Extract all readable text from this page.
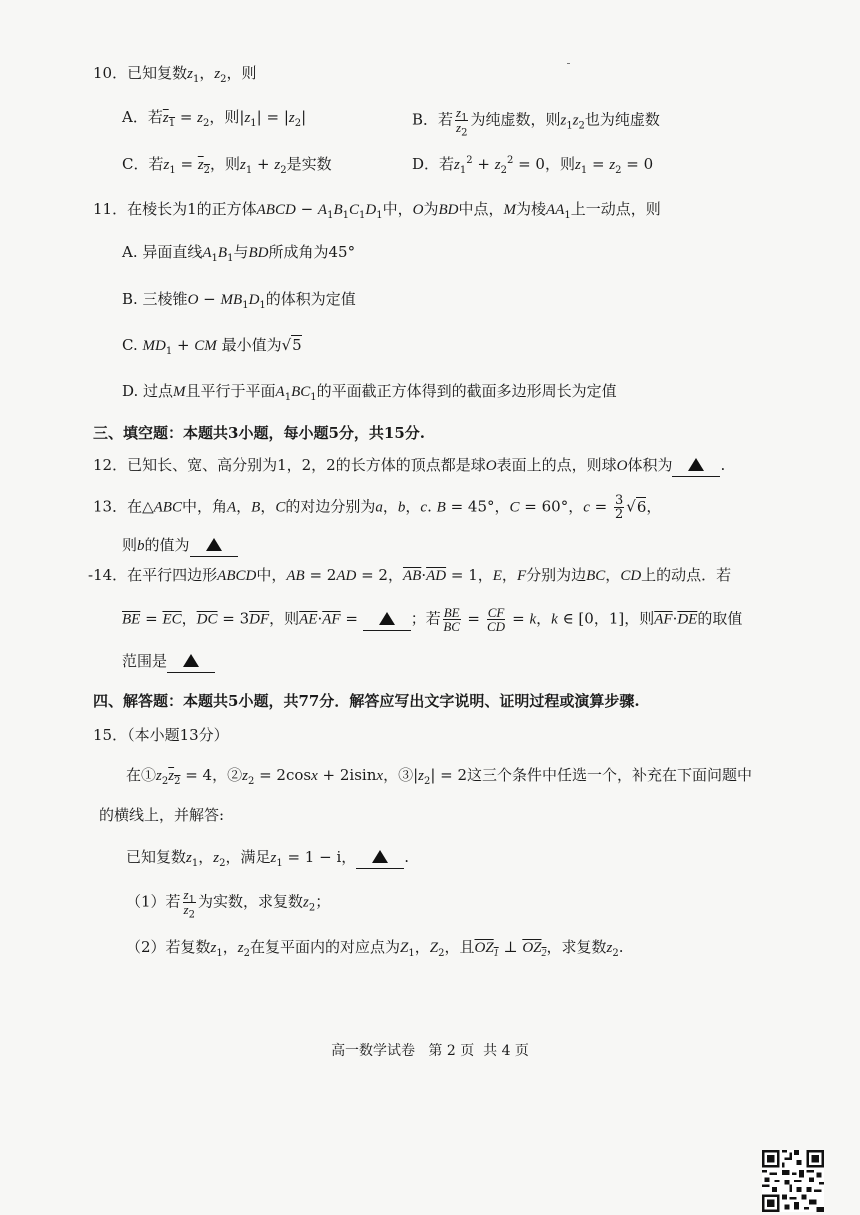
10．已知复数$z_1$，$z_2$，则
A．若$z_1 = z_2$，则$|z_1| = |z_2|$	B．若 $\frac{z_1}{z_2}$ 为纯虚数，则$z_1z_2$也为纯虚数
C．若$z_1 = z_2$，则$z_1 + z_2$是实数	D．若$z_1^2 + z_2^2 = 0$，则$z_1 = z_2 = 0$
11．在棱长为1的正方体ABCD − $A_1B_1C_1D_1$中，O为BD中点，M为棱$AA_1$上一动点，则
A. 异面直线$A_1B_1$与BD所成角为45°
B. 三棱锥$O - MB_1D_1$的体积为定值
C. $MD_1$ + CM 最小值为√5
D. 过点M且平行于平面$A_1BC_1$的平面截正方体得到的截面多边形周长为定值
三、填空题：本题共3小题，每小题5分，共15分.
12．已知长、宽、高分别为1，2，2的长方体的顶点都是球O表面上的点，则球O体积为	.
13．在△ABC中，角A，B，C的对边分别为a，b，c. B = 45°，C = 60°，$c = \frac{3}{2} √6$，
则b的值为
-14．在平行四边形ABCD中，AB = 2AD = 2，$\overline{AB}\cdot\overline{AD} = 1$，E，F分别为边BC，CD上的动点．若
$\overline{BE} = \overline{EC}$，$\overline{DC} = 3\overline{DF}$，则$\overline{AE}\cdot\overline{AF}$ =	；若 $\frac{BE}{BC} = \frac{CF}{CD} = k$，k ∈ [0，1]，则$\overline{AF}\cdot\overline{DE}$的取值
范围是
四、解答题：本题共5小题，共77分．解答应写出文字说明、证明过程或演算步骤.
15．（本小题13分）
在$①z_2z_2 = 4$，$②z_2 = 2\cos x + 2isinx$，$③|z_2| = 2$这三个条件中任选一个，补充在下面问题中
的横线上，并解答:
已知复数$z_1$，$z_2$，满足$z_1 = 1 - i$，	.
（1）若 $\frac{z_1}{z_2}$ 为实数，求复数$z_2$；
（2）若复数$z_1$，$z_2$在复平面内的对应点为$Z_1$，$Z_2$，且$OZ_1$ ⊥ $OZ_2$，求复数$z_2$.
高一数学试卷   第 2 页  共 4 页
